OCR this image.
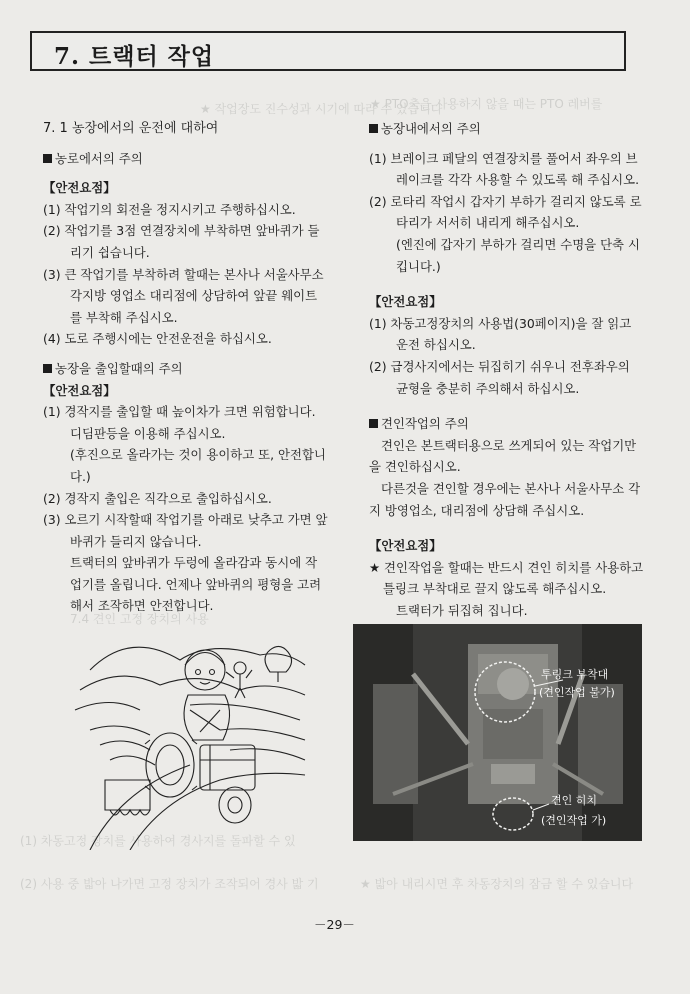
★ 작업장도 진수성과 시기에 따라 수 있습니다
★ PTO축을 사용하지 않을 때는 PTO 레버를
7.4 견인 고정 장치의 사용
(1) 차동고정 장치를 사용하여 경사지를 돌파할 수 있
(2) 사용 중 밟아 나가면 고정 장치가 조작되어 경사 밟 기	★ 밟아 내리시면 후 차동장치의 잠금 할 수 있습니다
7. 트랙터 작업

7. 1 농장에서의 운전에 대하여

농로에서의 주의

【안전요점】

(1) 작업기의 회전을 정지시키고 주행하십시오.

(2) 작업기를 3점 연결장치에 부착하면 앞바퀴가 들리기 쉽습니다.

(3) 큰 작업기를 부착하려 할때는 본사나 서울사무소 각지방 영업소 대리점에 상담하여 앞끝 웨이트를 부착해 주십시오.

(4) 도로 주행시에는 안전운전을 하십시오.

농장을 출입할때의 주의

【안전요점】

(1) 경작지를 출입할 때 높이차가 크면 위험합니다. 디딤판등을 이용해 주십시오.

(후진으로 올라가는 것이 용이하고 또, 안전합니다.)

(2) 경작지 출입은 직각으로 출입하십시오.

(3) 오르기 시작할때 작업기를 아래로 낮추고 가면 앞바퀴가 들리지 않습니다.

트랙터의 앞바퀴가 두렁에 올라감과 동시에 작업기를 올립니다. 언제나 앞바퀴의 평형을 고려해서 조작하면 안전합니다.

농장내에서의 주의

(1) 브레이크 페달의 연결장치를 풀어서 좌우의 브레이크를 각각 사용할 수 있도록 해 주십시오.

(2) 로타리 작업시 갑자기 부하가 걸리지 않도록 로타리가 서서히 내리게 해주십시오.

(엔진에 갑자기 부하가 걸리면 수명을 단축 시킵니다.)

【안전요점】

(1) 차동고정장치의 사용법(30페이지)을 잘 읽고 운전 하십시오.

(2) 급경사지에서는 뒤집히기 쉬우니 전후좌우의 균형을 충분히 주의해서 하십시오.

견인작업의 주의

견인은 본트랙터용으로 쓰게되어 있는 작업기만을 견인하십시오.

다른것을 견인할 경우에는 본사나 서울사무소 각지 방영업소, 대리점에 상담해 주십시오.

【안전요점】

★ 견인작업을 할때는 반드시 견인 히치를 사용하고 틀링크 부착대로 끌지 않도록 해주십시오.

트랙터가 뒤집혀 집니다.

투링크 부착대
(견인작업 불가)
견인 히치
(견인작업 가)
－29－
